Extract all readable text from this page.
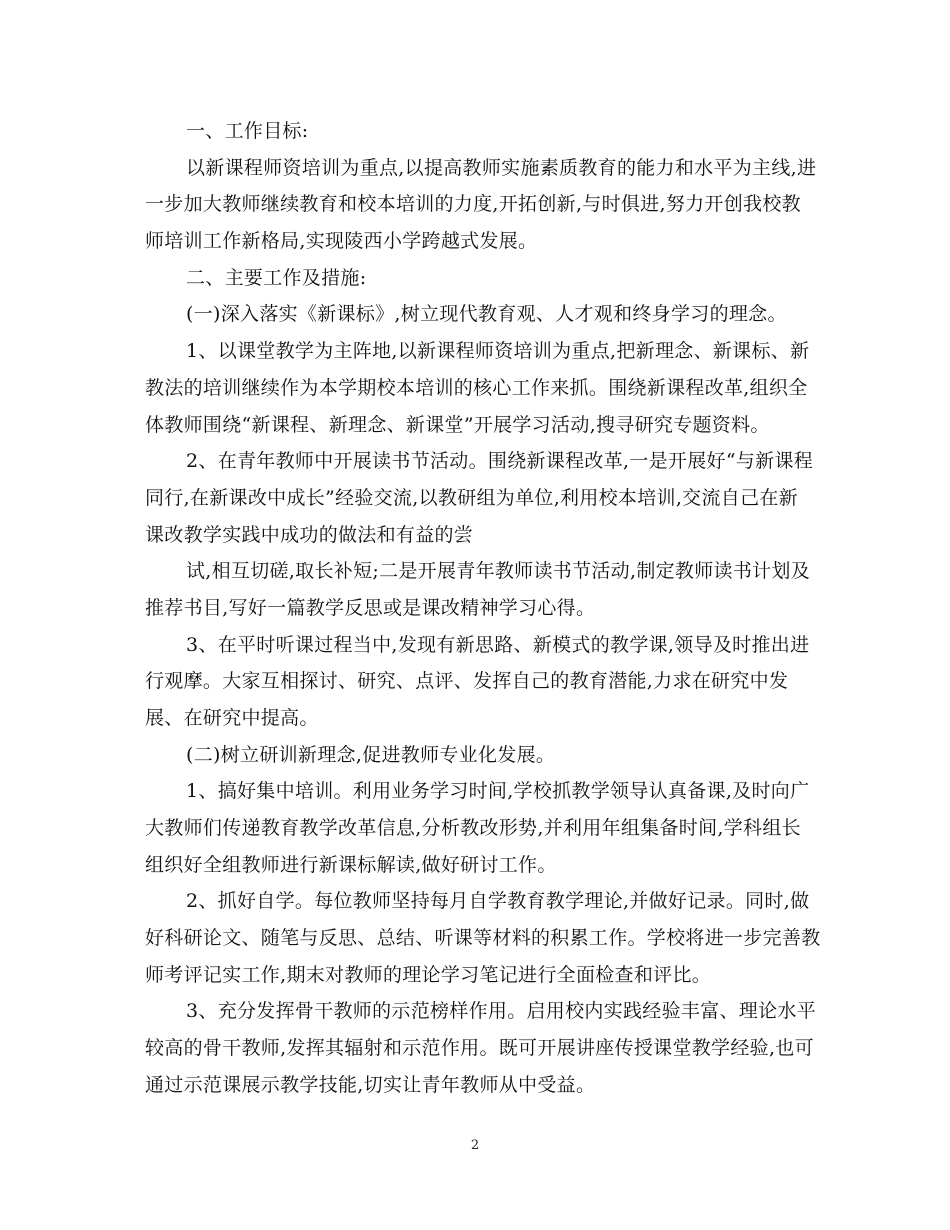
一、工作目标:
以新课程师资培训为重点,以提高教师实施素质教育的能力和水平为主线,进
一步加大教师继续教育和校本培训的力度,开拓创新,与时俱进,努力开创我校教
师培训工作新格局,实现陵西小学跨越式发展。
二、主要工作及措施:
(一)深入落实《新课标》,树立现代教育观、人才观和终身学习的理念。
1、以课堂教学为主阵地,以新课程师资培训为重点,把新理念、新课标、新
教法的培训继续作为本学期校本培训的核心工作来抓。围绕新课程改革,组织全
体教师围绕“新课程、新理念、新课堂”开展学习活动,搜寻研究专题资料。
2、在青年教师中开展读书节活动。围绕新课程改革,一是开展好“与新课程
同行,在新课改中成长”经验交流,以教研组为单位,利用校本培训,交流自己在新
课改教学实践中成功的做法和有益的尝
试,相互切磋,取长补短;二是开展青年教师读书节活动,制定教师读书计划及
推荐书目,写好一篇教学反思或是课改精神学习心得。
3、在平时听课过程当中,发现有新思路、新模式的教学课,领导及时推出进
行观摩。大家互相探讨、研究、点评、发挥自己的教育潜能,力求在研究中发
展、在研究中提高。
(二)树立研训新理念,促进教师专业化发展。
1、搞好集中培训。利用业务学习时间,学校抓教学领导认真备课,及时向广
大教师们传递教育教学改革信息,分析教改形势,并利用年组集备时间,学科组长
组织好全组教师进行新课标解读,做好研讨工作。
2、抓好自学。每位教师坚持每月自学教育教学理论,并做好记录。同时,做
好科研论文、随笔与反思、总结、听课等材料的积累工作。学校将进一步完善教
师考评记实工作,期末对教师的理论学习笔记进行全面检查和评比。
3、充分发挥骨干教师的示范榜样作用。启用校内实践经验丰富、理论水平
较高的骨干教师,发挥其辐射和示范作用。既可开展讲座传授课堂教学经验,也可
通过示范课展示教学技能,切实让青年教师从中受益。
2
